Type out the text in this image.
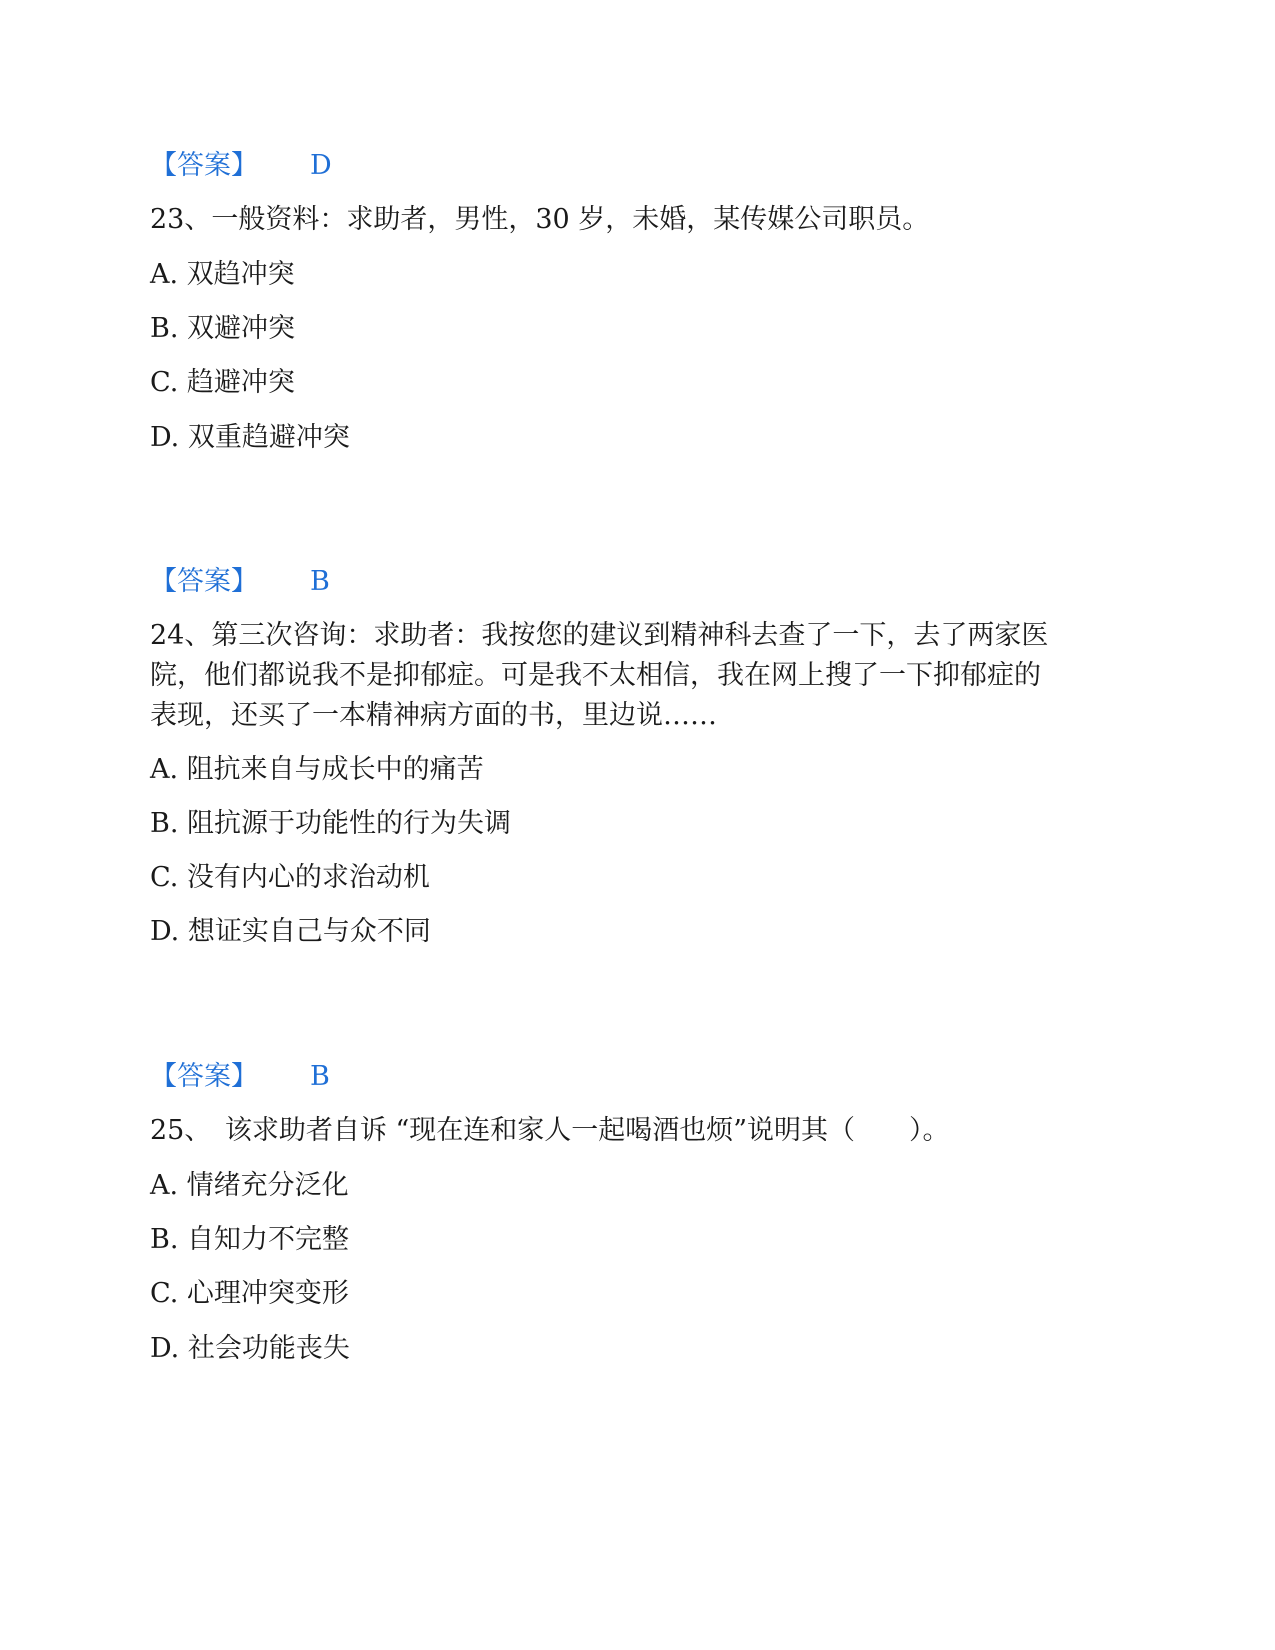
【答案】 D
23、一般资料：求助者，男性，30 岁，未婚，某传媒公司职员。
A. 双趋冲突
B. 双避冲突
C. 趋避冲突
D. 双重趋避冲突
【答案】 B
24、第三次咨询：求助者：我按您的建议到精神科去查了一下，去了两家医
院，他们都说我不是抑郁症。可是我不太相信，我在网上搜了一下抑郁症的
表现，还买了一本精神病方面的书，里边说……
A. 阻抗来自与成长中的痛苦
B. 阻抗源于功能性的行为失调
C. 没有内心的求治动机
D. 想证实自己与众不同
【答案】 B
25、　该求助者自诉 “现在连和家人一起喝酒也烦”说明其（　　）。
A. 情绪充分泛化
B. 自知力不完整
C. 心理冲突变形
D. 社会功能丧失
